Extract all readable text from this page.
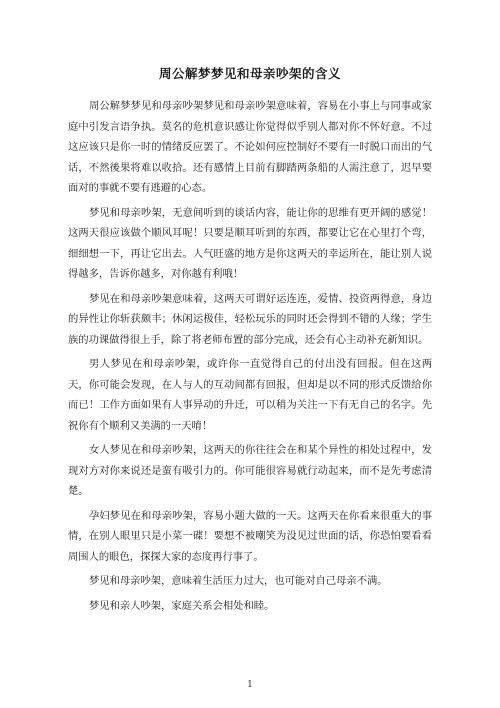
周公解梦梦见和母亲吵架的含义

周公解梦梦见和母亲吵架梦见和母亲吵架意味着，容易在小事上与同事或家庭中引发言语争执。莫名的危机意识感让你觉得似乎别人都对你不怀好意。不过这应该只是你一时的情绪反应罢了。不论如何应控制好不要有一时脱口而出的气话，不然後果将难以收拾。还有感情上目前有脚踏两条船的人需注意了，迟早要面对的事就不要有逃避的心态。

梦见和母亲吵架，无意间听到的谈话内容，能让你的思维有更开阔的感觉！这两天很应该做个顺风耳呢！只要是顺耳听到的东西，都要让它在心里打个弯，细细想一下，再让它出去。人气旺盛的地方是你这两天的幸运所在，能让别人说得越多，告诉你越多，对你越有利哦！

梦见在和母亲吵架意味着，这两天可谓好运连连，爱情、投资两得意，身边的异性让你斩获颇丰；休闲运极佳，轻松玩乐的同时还会得到不错的人缘；学生族的功课做得很上手，除了将老师布置的部分完成，还会有心主动补充新知识。

男人梦见在和母亲吵架，或许你一直觉得自己的付出没有回报。但在这两天，你可能会发现，在人与人的互动间都有回报，但却是以不同的形式反馈给你而已！工作方面如果有人事异动的升迁，可以稍为关注一下有无自己的名字。先祝你有个顺利又美满的一天唷！

女人梦见在和母亲吵架，这两天的你往往会在和某个异性的相处过程中，发现对方对你来说还是蛮有吸引力的。你可能很容易就行动起来，而不是先考虑清楚。

孕妇梦见在和母亲吵架，容易小题大做的一天。这两天在你看来很重大的事情，在别人眼里只是小菜一碟！要想不被嘲笑为没见过世面的话，你恐怕要看看周围人的眼色，探探大家的态度再行事了。

梦见和母亲吵架，意味着生活压力过大，也可能对自己母亲不满。

梦见和亲人吵架，家庭关系会相处和睦。

1
